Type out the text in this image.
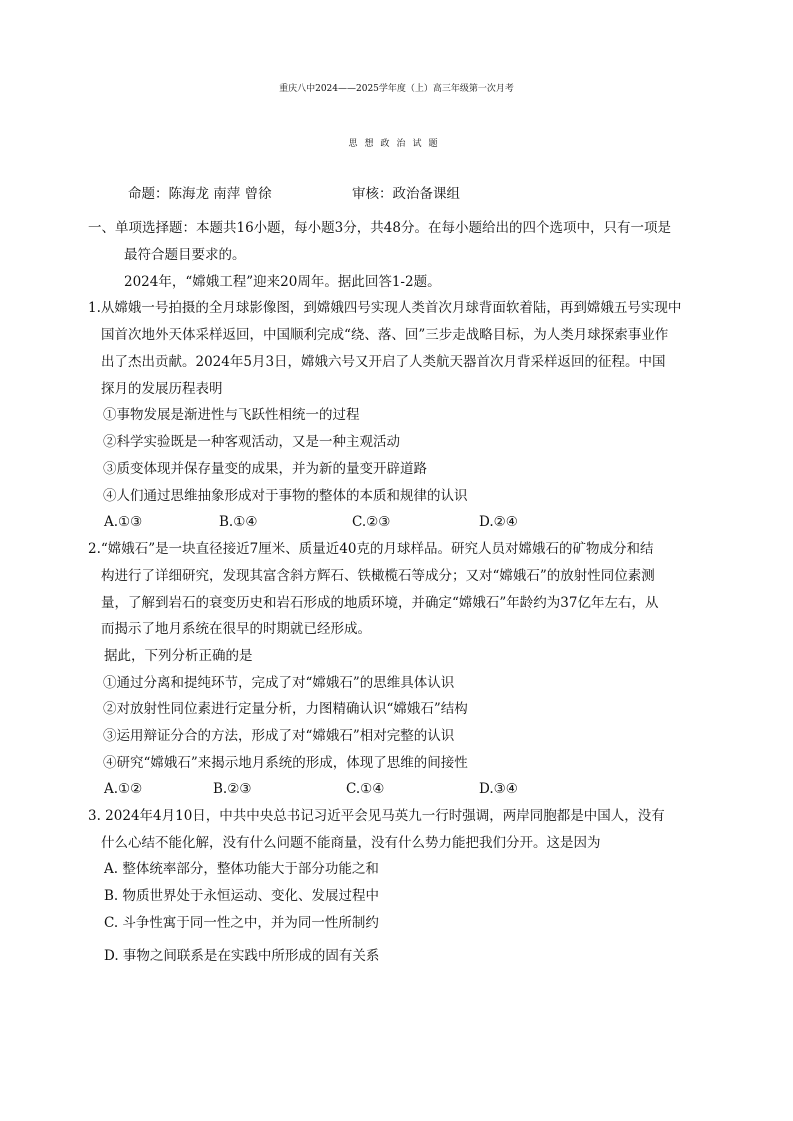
重庆八中2024——2025学年度（上）高三年级第一次月考
思想政治试题
命题：陈海龙 南萍 曾徐	审核：政治备课组
一、单项选择题：本题共16小题，每小题3分，共48分。在每小题给出的四个选项中，只有一项是
最符合题目要求的。
2024年，“嫦娥工程”迎来20周年。据此回答1-2题。
1.从嫦娥一号拍摄的全月球影像图，到嫦娥四号实现人类首次月球背面软着陆，再到嫦娥五号实现中
国首次地外天体采样返回，中国顺利完成“绕、落、回”三步走战略目标，为人类月球探索事业作
出了杰出贡献。2024年5月3日，嫦娥六号又开启了人类航天器首次月背采样返回的征程。中国
探月的发展历程表明
①事物发展是渐进性与飞跃性相统一的过程
②科学实验既是一种客观活动，又是一种主观活动
③质变体现并保存量变的成果，并为新的量变开辟道路
④人们通过思维抽象形成对于事物的整体的本质和规律的认识
A.①③	B.①④	C.②③	D.②④
2.“嫦娥石”是一块直径接近7厘米、质量近40克的月球样品。研究人员对嫦娥石的矿物成分和结
构进行了详细研究，发现其富含斜方辉石、铁橄榄石等成分；又对“嫦娥石”的放射性同位素测
量，了解到岩石的衰变历史和岩石形成的地质环境，并确定“嫦娥石”年龄约为37亿年左右，从
而揭示了地月系统在很早的时期就已经形成。
据此，下列分析正确的是
①通过分离和提纯环节，完成了对“嫦娥石”的思维具体认识
②对放射性同位素进行定量分析，力图精确认识“嫦娥石”结构
③运用辩证分合的方法，形成了对“嫦娥石”相对完整的认识
④研究“嫦娥石”来揭示地月系统的形成，体现了思维的间接性
A.①②	B.②③	C.①④	D.③④
3. 2024年4月10日，中共中央总书记习近平会见马英九一行时强调，两岸同胞都是中国人，没有
什么心结不能化解，没有什么问题不能商量，没有什么势力能把我们分开。这是因为
A. 整体统率部分，整体功能大于部分功能之和
B. 物质世界处于永恒运动、变化、发展过程中
C. 斗争性寓于同一性之中，并为同一性所制约
D. 事物之间联系是在实践中所形成的固有关系
